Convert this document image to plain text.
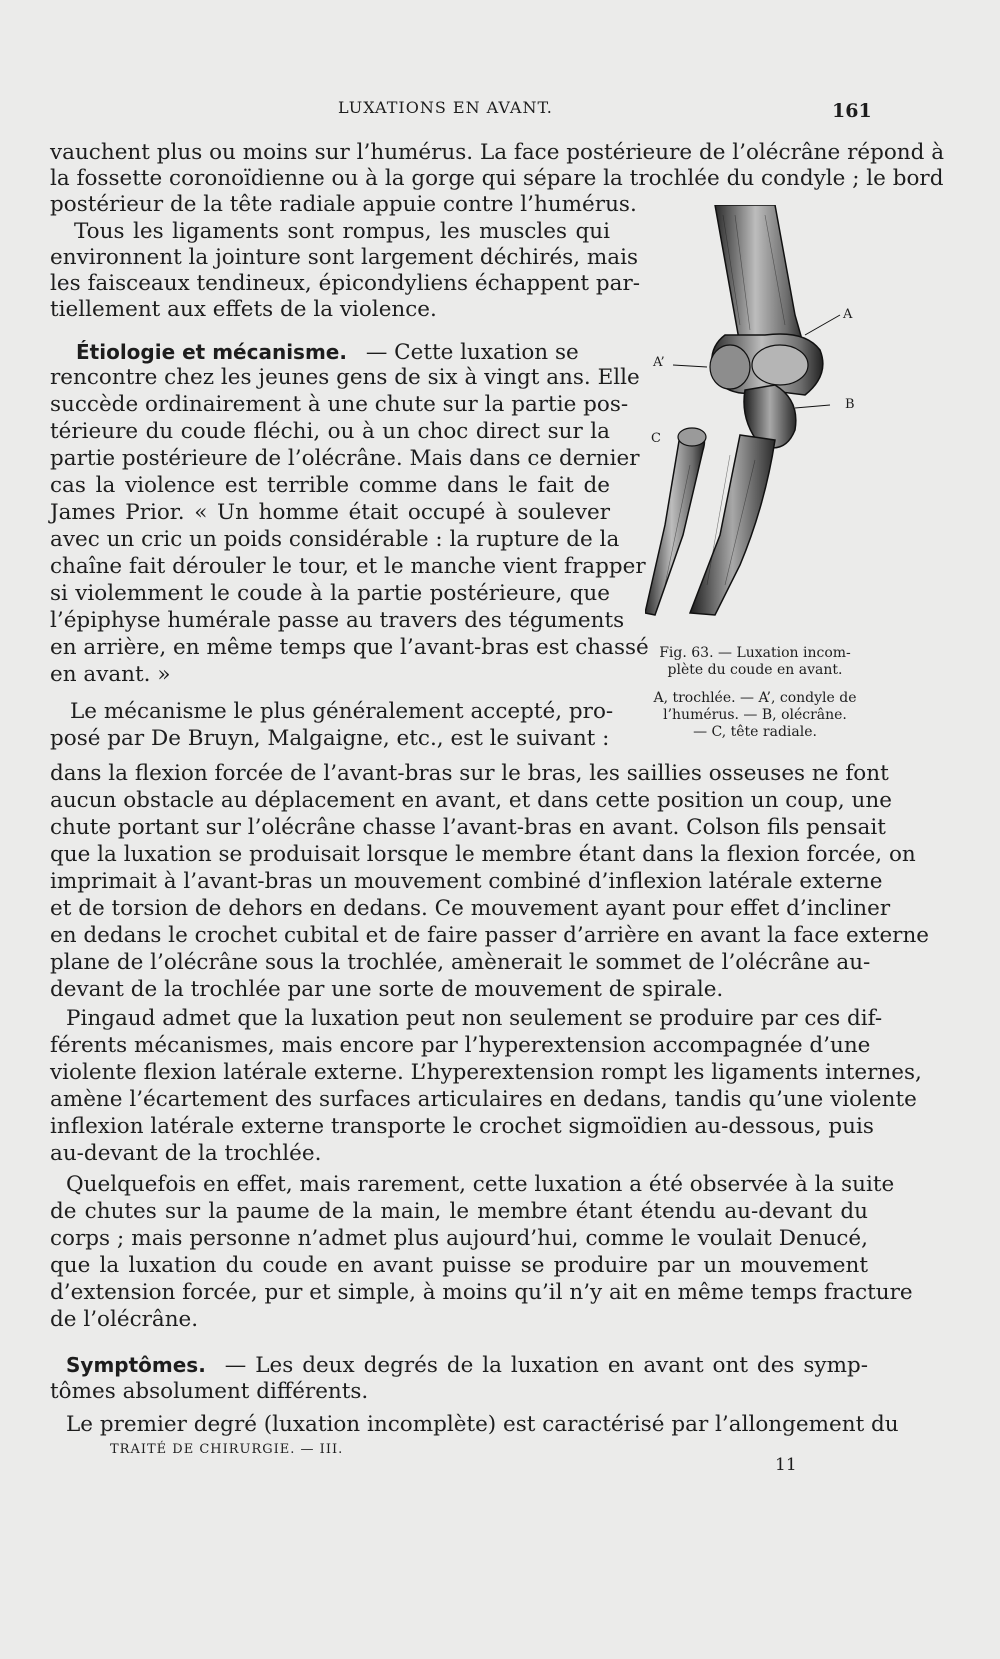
LUXATIONS EN AVANT.	161
vauchent plus ou moins sur l’humérus. La face postérieure de l’olécrâne répond à
la fossette coronoïdienne ou à la gorge qui sépare la trochlée du condyle ; le bord
postérieur de la tête radiale appuie contre l’humérus.
Tous les ligaments sont rompus, les muscles qui
environnent la jointure sont largement déchirés, mais
les faisceaux tendineux, épicondyliens échappent par-
tiellement aux effets de la violence.
Étiologie et mécanisme. — Cette luxation se
rencontre chez les jeunes gens de six à vingt ans. Elle
succède ordinairement à une chute sur la partie pos-
térieure du coude fléchi, ou à un choc direct sur la
partie postérieure de l’olécrâne. Mais dans ce dernier
cas la violence est terrible comme dans le fait de
James Prior. « Un homme était occupé à soulever
avec un cric un poids considérable : la rupture de la
chaîne fait dérouler le tour, et le manche vient frapper
si violemment le coude à la partie postérieure, que
l’épiphyse humérale passe au travers des téguments
en arrière, en même temps que l’avant-bras est chassé
en avant. »
Le mécanisme le plus généralement accepté, pro-
posé par De Bruyn, Malgaigne, etc., est le suivant :
dans la flexion forcée de l’avant-bras sur le bras, les saillies osseuses ne font
aucun obstacle au déplacement en avant, et dans cette position un coup, une
chute portant sur l’olécrâne chasse l’avant-bras en avant. Colson fils pensait
que la luxation se produisait lorsque le membre étant dans la flexion forcée, on
imprimait à l’avant-bras un mouvement combiné d’inflexion latérale externe
et de torsion de dehors en dedans. Ce mouvement ayant pour effet d’incliner
en dedans le crochet cubital et de faire passer d’arrière en avant la face externe
plane de l’olécrâne sous la trochlée, amènerait le sommet de l’olécrâne au-
devant de la trochlée par une sorte de mouvement de spirale.
Pingaud admet que la luxation peut non seulement se produire par ces dif-
férents mécanismes, mais encore par l’hyperextension accompagnée d’une
violente flexion latérale externe. L’hyperextension rompt les ligaments internes,
amène l’écartement des surfaces articulaires en dedans, tandis qu’une violente
inflexion latérale externe transporte le crochet sigmoïdien au-dessous, puis
au-devant de la trochlée.
Quelquefois en effet, mais rarement, cette luxation a été observée à la suite
de chutes sur la paume de la main, le membre étant étendu au-devant du
corps ; mais personne n’admet plus aujourd’hui, comme le voulait Denucé,
que la luxation du coude en avant puisse se produire par un mouvement
d’extension forcée, pur et simple, à moins qu’il n’y ait en même temps fracture
de l’olécrâne.
Symptômes. — Les deux degrés de la luxation en avant ont des symp-
tômes absolument différents.
Le premier degré (luxation incomplète) est caractérisé par l’allongement du
A
A’
B
C
Fig. 63. — Luxation incom-
plète du coude en avant.
A, trochlée. — A’, condyle de
l’humérus. — B, olécrâne.
— C, tête radiale.
TRAITÉ DE CHIRURGIE. — III.
11
